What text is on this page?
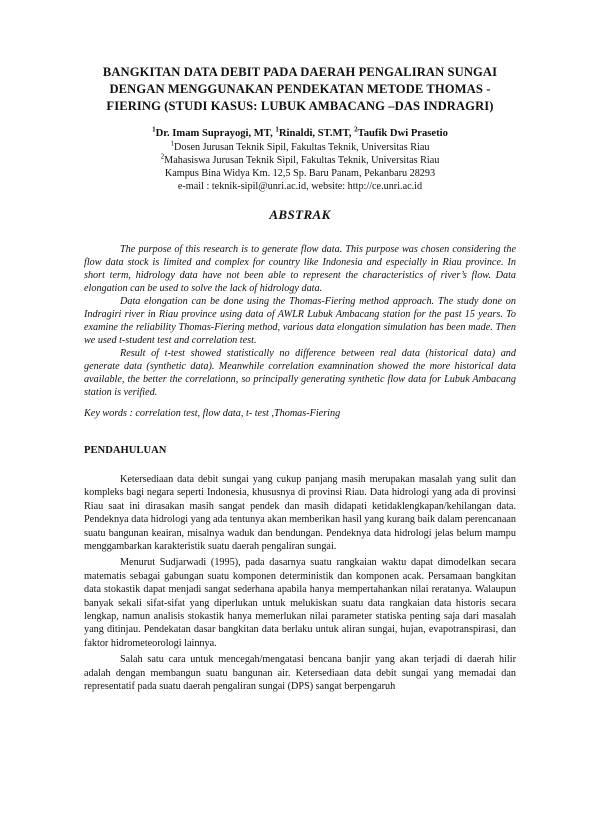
BANGKITAN DATA DEBIT PADA DAERAH PENGALIRAN SUNGAI DENGAN MENGGUNAKAN PENDEKATAN METODE THOMAS - FIERING (STUDI KASUS: LUBUK AMBACANG –DAS INDRAGRI)
$^1$Dr. Imam Suprayogi, MT, $^1$Rinaldi, ST.MT, $^2$Taufik Dwi Prasetio
$^1$Dosen Jurusan Teknik Sipil, Fakultas Teknik, Universitas Riau
$^2$Mahasiswa Jurusan Teknik Sipil, Fakultas Teknik, Universitas Riau
Kampus Bina Widya Km. 12,5 Sp. Baru Panam, Pekanbaru 28293
e-mail : teknik-sipil@unri.ac.id, website: http://ce.unri.ac.id
ABSTRAK

The purpose of this research is to generate flow data. This purpose was chosen considering the flow data stock is limited and complex for country like Indonesia and especially in Riau province. In short term, hidrology data have not been able to represent the characteristics of river’s flow. Data elongation can be used to solve the lack of hidrology data.

Data elongation can be done using the Thomas-Fiering method approach. The study done on Indragiri river in Riau province using data of AWLR Lubuk Ambacang station for the past 15 years. To examine the reliability Thomas-Fiering method, various data elongation simulation has been made. Then we used t-student test and correlation test.

Result of t-test showed statistically no difference between real data (historical data) and generate data (synthetic data). Meanwhile correlation examnination showed the more historical data available, the better the correlationn, so principally generating synthetic flow data for Lubuk Ambacang station is verified.

Key words : correlation test, flow data, t- test ,Thomas-Fiering
PENDAHULUAN

Ketersediaan data debit sungai yang cukup panjang masih merupakan masalah yang sulit dan kompleks bagi negara seperti Indonesia, khususnya di provinsi Riau. Data hidrologi yang ada di provinsi Riau saat ini dirasakan masih sangat pendek dan masih didapati ketidaklengkapan/kehilangan data. Pendeknya data hidrologi yang ada tentunya akan memberikan hasil yang kurang baik dalam perencanaan suatu bangunan keairan, misalnya waduk dan bendungan. Pendeknya data hidrologi jelas belum mampu menggambarkan karakteristik suatu daerah pengaliran sungai.

Menurut Sudjarwadi (1995), pada dasarnya suatu rangkaian waktu dapat dimodelkan secara matematis sebagai gabungan suatu komponen deterministik dan komponen acak. Persamaan bangkitan data stokastik dapat menjadi sangat sederhana apabila hanya mempertahankan nilai reratanya. Walaupun banyak sekali sifat-sifat yang diperlukan untuk melukiskan suatu data rangkaian data historis secara lengkap, namun analisis stokastik hanya memerlukan nilai parameter statiska penting saja dari masalah yang ditinjau. Pendekatan dasar bangkitan data berlaku untuk aliran sungai, hujan, evapotranspirasi, dan faktor hidrometeorologi lainnya.

Salah satu cara untuk mencegah/mengatasi bencana banjir yang akan terjadi di daerah hilir adalah dengan membangun suatu bangunan air. Ketersediaan data debit sungai yang memadai dan representatif pada suatu daerah pengaliran sungai (DPS) sangat berpengaruh
